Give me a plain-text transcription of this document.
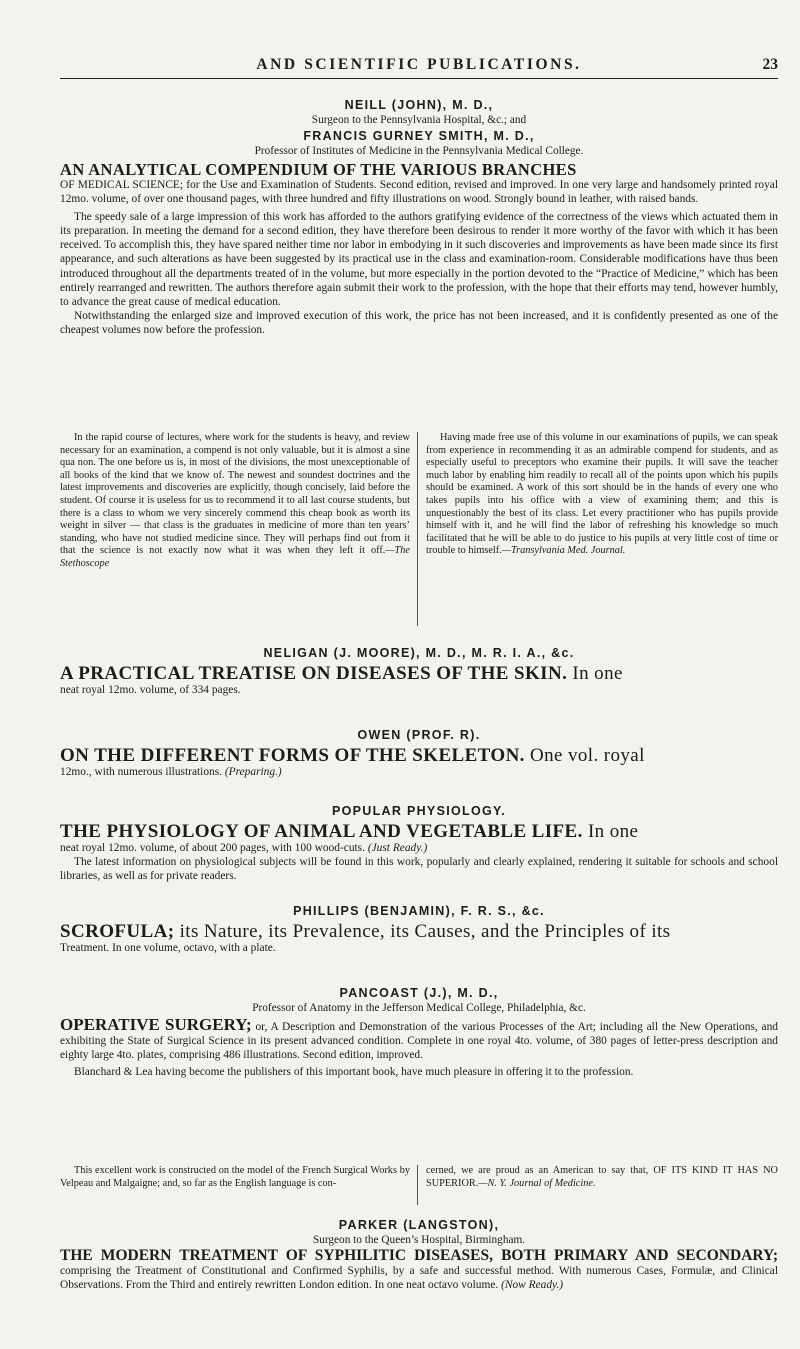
AND SCIENTIFIC PUBLICATIONS.	23
NEILL (JOHN), M. D.,
Surgeon to the Pennsylvania Hospital, &c.; and
FRANCIS GURNEY SMITH, M. D.,
Professor of Institutes of Medicine in the Pennsylvania Medical College.
AN ANALYTICAL COMPENDIUM OF THE VARIOUS BRANCHES
OF MEDICAL SCIENCE; for the Use and Examination of Students. Second edition, revised and improved. In one very large and handsomely printed royal 12mo. volume, of over one thousand pages, with three hundred and fifty illustrations on wood. Strongly bound in leather, with raised bands.
The speedy sale of a large impression of this work has afforded to the authors gratifying evidence of the correctness of the views which actuated them in its preparation. In meeting the demand for a second edition, they have therefore been desirous to render it more worthy of the favor with which it has been received. To accomplish this, they have spared neither time nor labor in embodying in it such discoveries and improvements as have been made since its first appearance, and such alterations as have been suggested by its practical use in the class and examination-room. Considerable modifications have thus been introduced throughout all the departments treated of in the volume, but more especially in the portion devoted to the “Practice of Medicine,” which has been entirely rearranged and rewritten. The authors therefore again submit their work to the profession, with the hope that their efforts may tend, however humbly, to advance the great cause of medical education.
Notwithstanding the enlarged size and improved execution of this work, the price has not been increased, and it is confidently presented as one of the cheapest volumes now before the profession.
In the rapid course of lectures, where work for the students is heavy, and review necessary for an examination, a compend is not only valuable, but it is almost a sine qua non. The one before us is, in most of the divisions, the most unexceptionable of all books of the kind that we know of. The newest and soundest doctrines and the latest improvements and discoveries are explicitly, though concisely, laid before the student. Of course it is useless for us to recommend it to all last course students, but there is a class to whom we very sincerely commend this cheap book as worth its weight in silver — that class is the graduates in medicine of more than ten years’ standing, who have not studied medicine since. They will perhaps find out from it that the science is not exactly now what it was when they left it off.—The Stethoscope
Having made free use of this volume in our examinations of pupils, we can speak from experience in recommending it as an admirable compend for students, and as especially useful to preceptors who examine their pupils. It will save the teacher much labor by enabling him readily to recall all of the points upon which his pupils should be examined. A work of this sort should be in the hands of every one who takes pupils into his office with a view of examining them; and this is unquestionably the best of its class. Let every practitioner who has pupils provide himself with it, and he will find the labor of refreshing his knowledge so much facilitated that he will be able to do justice to his pupils at very little cost of time or trouble to himself.—Transylvania Med. Journal.
NELIGAN (J. MOORE), M. D., M. R. I. A., &c.
A PRACTICAL TREATISE ON DISEASES OF THE SKIN. In one
neat royal 12mo. volume, of 334 pages.
OWEN (PROF. R).
ON THE DIFFERENT FORMS OF THE SKELETON. One vol. royal
12mo., with numerous illustrations. (Preparing.)
POPULAR PHYSIOLOGY.
THE PHYSIOLOGY OF ANIMAL AND VEGETABLE LIFE. In one
neat royal 12mo. volume, of about 200 pages, with 100 wood-cuts. (Just Ready.)
The latest information on physiological subjects will be found in this work, popularly and clearly explained, rendering it suitable for schools and school libraries, as well as for private readers.
PHILLIPS (BENJAMIN), F. R. S., &c.
SCROFULA; its Nature, its Prevalence, its Causes, and the Principles of its
Treatment. In one volume, octavo, with a plate.
PANCOAST (J.), M. D.,
Professor of Anatomy in the Jefferson Medical College, Philadelphia, &c.
OPERATIVE SURGERY; or, A Description and Demonstration of the various Processes of the Art; including all the New Operations, and exhibiting the State of Surgical Science in its present advanced condition. Complete in one royal 4to. volume, of 380 pages of letter-press description and eighty large 4to. plates, comprising 486 illustrations. Second edition, improved.
Blanchard & Lea having become the publishers of this important book, have much pleasure in offering it to the profession.
This excellent work is constructed on the model of the French Surgical Works by Velpeau and Malgaigne; and, so far as the English language is con-
cerned, we are proud as an American to say that, OF ITS KIND IT HAS NO SUPERIOR.—N. Y. Journal of Medicine.
PARKER (LANGSTON),
Surgeon to the Queen’s Hospital, Birmingham.
THE MODERN TREATMENT OF SYPHILITIC DISEASES, BOTH PRIMARY AND SECONDARY; comprising the Treatment of Constitutional and Confirmed Syphilis, by a safe and successful method. With numerous Cases, Formulæ, and Clinical Observations. From the Third and entirely rewritten London edition. In one neat octavo volume. (Now Ready.)
